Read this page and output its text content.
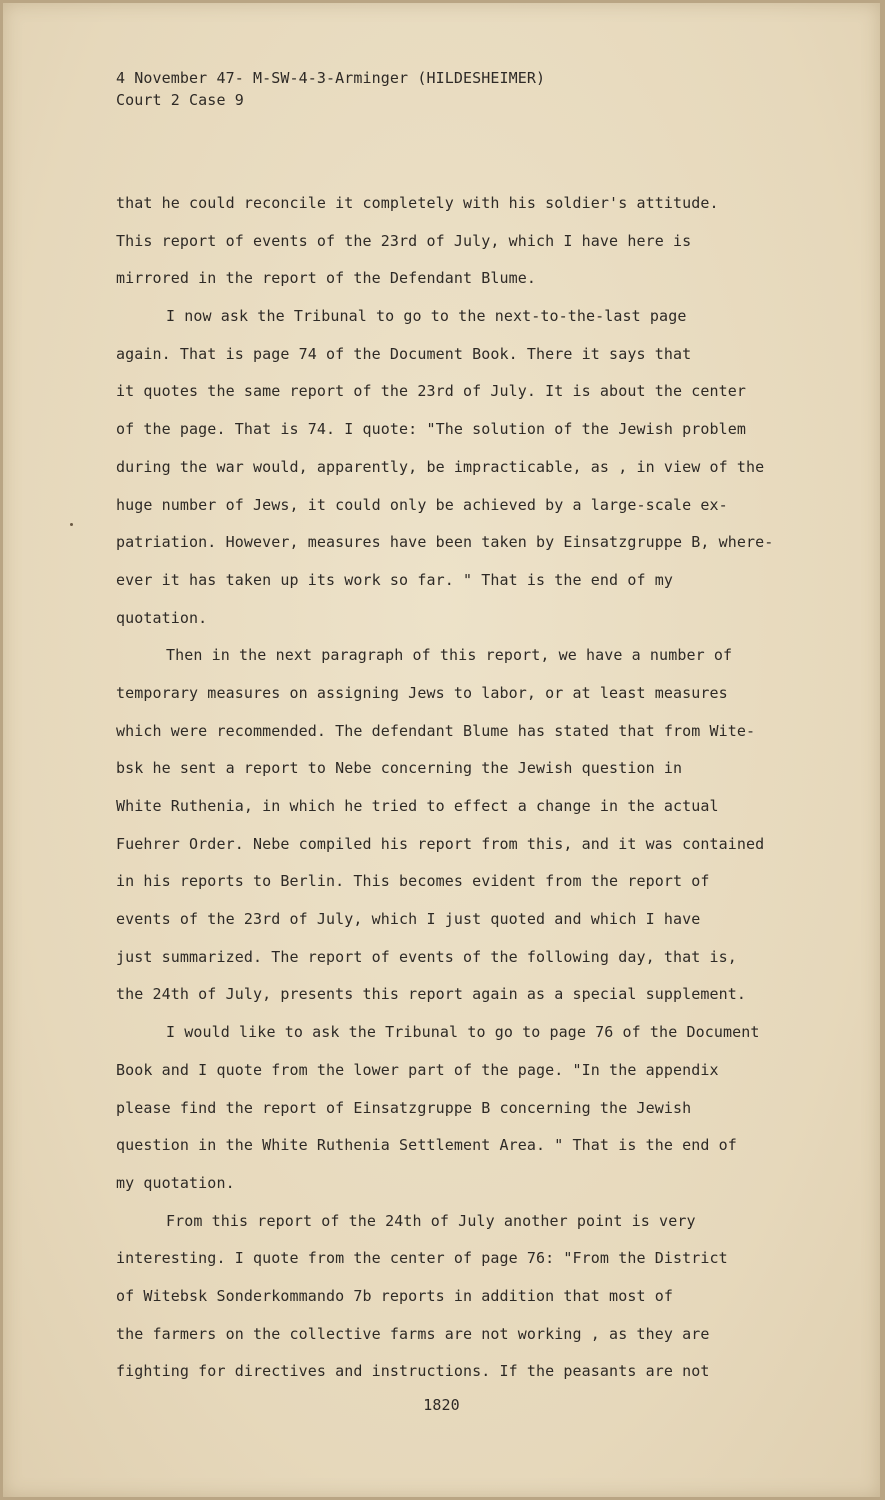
4 November 47- M-SW-4-3-Arminger (HILDESHEIMER)
Court 2 Case 9
that he could reconcile it completely with his soldier's attitude.
This report of events of the 23rd of July, which I have here is
mirrored in the report of the Defendant Blume.
I now ask the Tribunal to go to the next-to-the-last page
again. That is page 74 of the Document Book. There it says that
it quotes the same report of the 23rd of July. It is about the center
of the page. That is 74. I quote: "The solution of the Jewish problem
during the war would, apparently, be impracticable, as , in view of the
huge number of Jews, it could only be achieved by a large-scale ex-
patriation. However, measures have been taken by Einsatzgruppe B, where-
ever it has taken up its work so far. " That is the end of my
quotation.
Then in the next paragraph of this report, we have a number of
temporary measures on assigning Jews to labor, or at least measures
which were recommended. The defendant Blume has stated that from Wite-
bsk he sent a report to Nebe concerning the Jewish question in
White Ruthenia, in which he tried to effect a change in the actual
Fuehrer Order. Nebe compiled his report from this, and it was contained
in his reports to Berlin. This becomes evident from the report of
events of the 23rd of July, which I just quoted and which I have
just summarized. The report of events of the following day, that is,
the 24th of July, presents this report again as a special supplement.
I would like to ask the Tribunal to go to page 76 of the Document
Book and I quote from the lower part of the page. "In the appendix
please find the report of Einsatzgruppe B concerning the Jewish
question in the White Ruthenia Settlement Area. " That is the end of
my quotation.
From this report of the 24th of July another point is very
interesting. I quote from the center of page 76: "From the District
of Witebsk Sonderkommando 7b reports in addition that most of
the farmers on the collective farms are not working , as they are
fighting for directives and instructions. If the peasants are not
1820
